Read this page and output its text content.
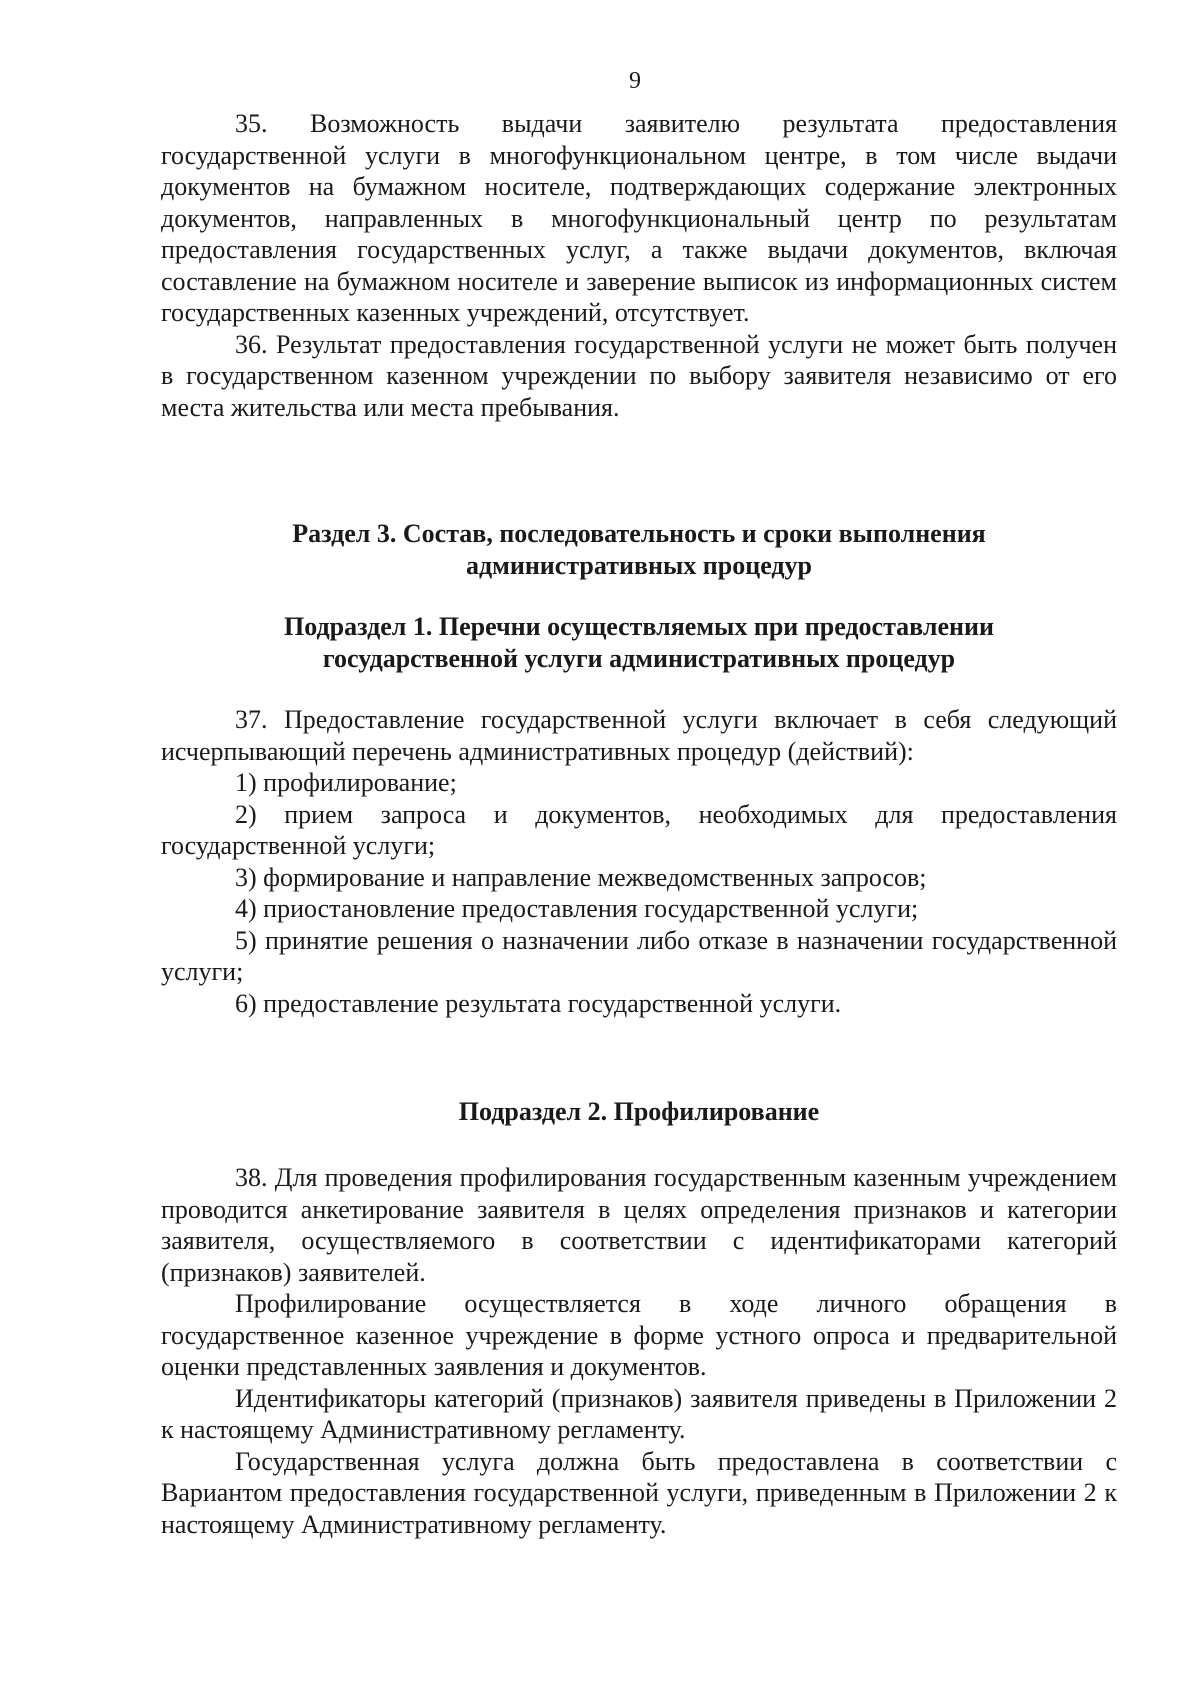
9

35. Возможность выдачи заявителю результата предоставления государственной услуги в многофункциональном центре, в том числе выдачи документов на бумажном носителе, подтверждающих содержание электронных документов, направленных в многофункциональный центр по результатам предоставления государственных услуг, а также выдачи документов, включая составление на бумажном носителе и заверение выписок из информационных систем государственных казенных учреждений, отсутствует.

36. Результат предоставления государственной услуги не может быть получен в государственном казенном учреждении по выбору заявителя независимо от его места жительства или места пребывания.

Раздел 3. Состав, последовательность и сроки выполнения
административных процедур
Подраздел 1. Перечни осуществляемых при предоставлении
государственной услуги административных процедур

37. Предоставление государственной услуги включает в себя следующий исчерпывающий перечень административных процедур (действий):

1) профилирование;

2) прием запроса и документов, необходимых для предоставления государственной услуги;

3) формирование и направление межведомственных запросов;

4) приостановление предоставления государственной услуги;

5) принятие решения о назначении либо отказе в назначении государственной услуги;

6) предоставление результата государственной услуги.

Подраздел 2. Профилирование

38. Для проведения профилирования государственным казенным учреждением проводится анкетирование заявителя в целях определения признаков и категории заявителя, осуществляемого в соответствии с идентификаторами категорий (признаков) заявителей.

Профилирование осуществляется в ходе личного обращения в государственное казенное учреждение в форме устного опроса и предварительной оценки представленных заявления и документов.

Идентификаторы категорий (признаков) заявителя приведены в Приложении 2 к настоящему Административному регламенту.

Государственная услуга должна быть предоставлена в соответствии с Вариантом предоставления государственной услуги, приведенным в Приложении 2 к настоящему Административному регламенту.
